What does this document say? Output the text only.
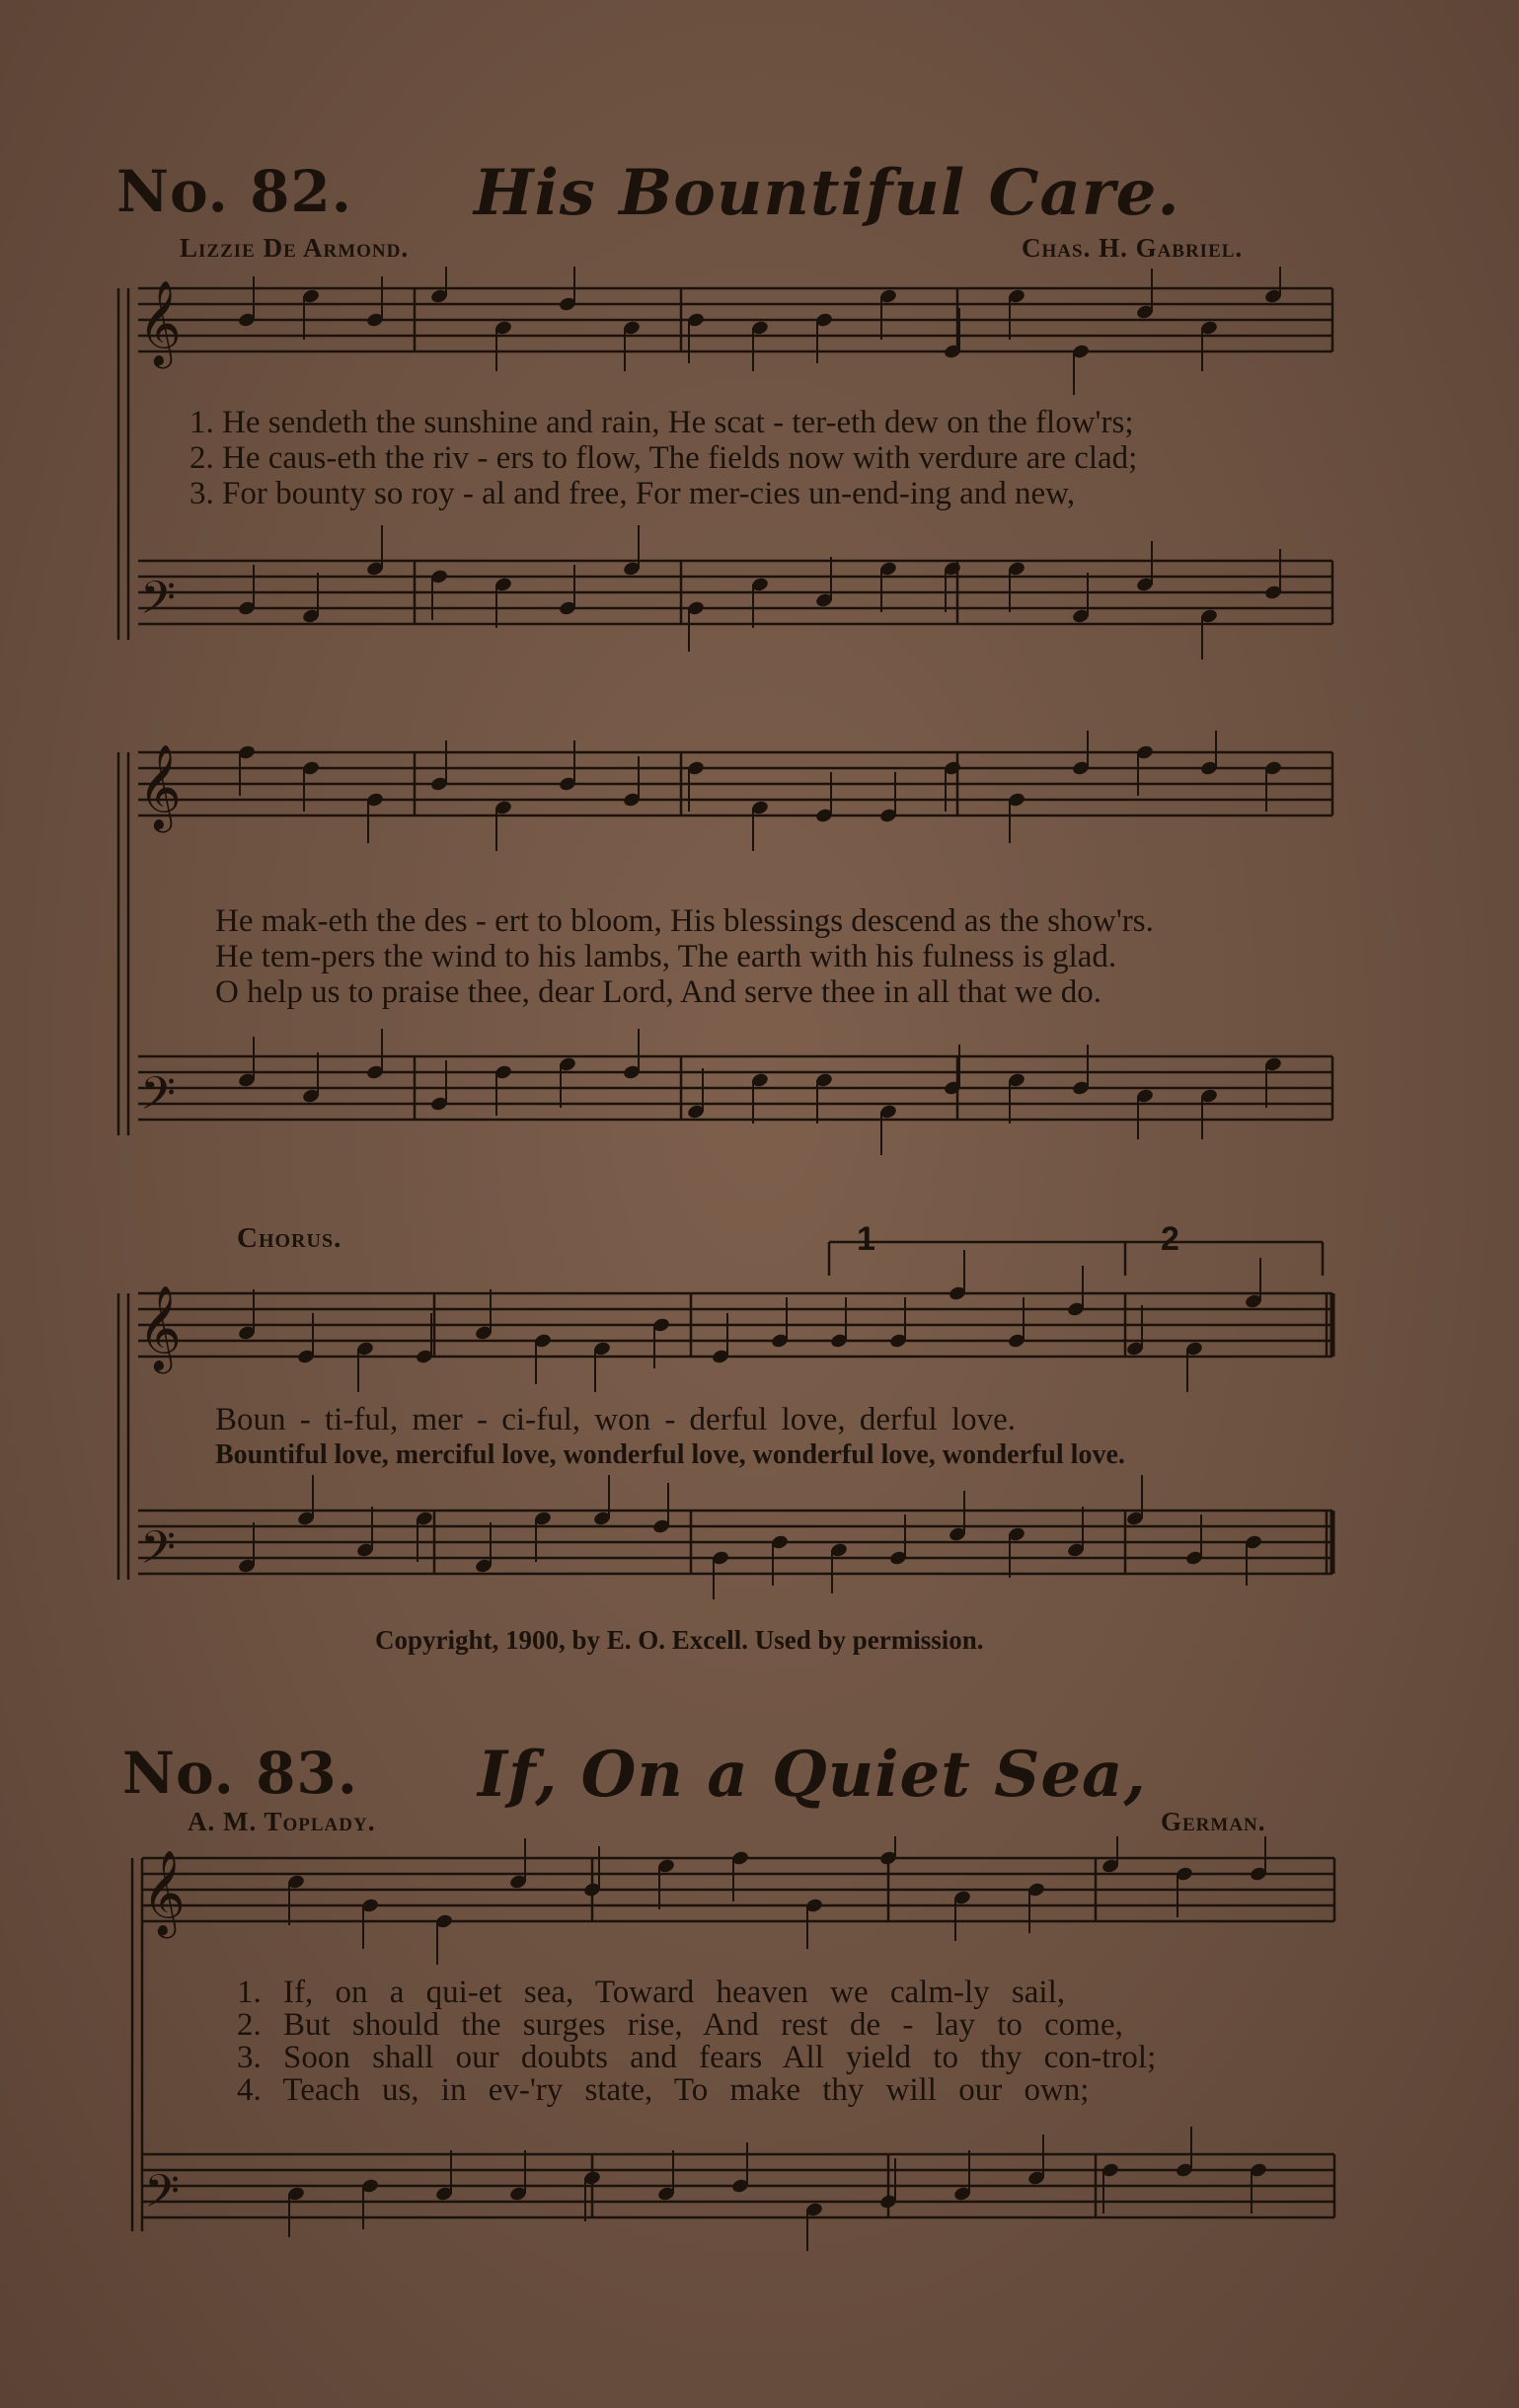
No. 82. His Bountiful Care.
Lizzie De Armond.	Chas. H. Gabriel.
𝄞
𝄢
1. He sendeth the sunshine and rain, He scat - ter-eth dew on the flow'rs;
2. He caus-eth the riv - ers to flow, The fields now with verdure are clad;
3. For bounty so roy - al and free, For mer-cies un-end-ing and new,
𝄞
𝄢
He mak-eth the des - ert to bloom, His blessings descend as the show'rs.
He tem-pers the wind to his lambs, The earth with his fulness is glad.
O help us to praise thee, dear Lord, And serve thee in all that we do.
Chorus.
𝄞
𝄢
1	2
Boun - ti-ful, mer - ci-ful, won - derful love, derful love.
Bountiful love, merciful love, wonderful love, wonderful love, wonderful love.
Copyright, 1900, by E. O. Excell. Used by permission.
No. 83. If, On a Quiet Sea,
A. M. Toplady.	German.
𝄞
𝄢
1. If, on a qui-et sea, Toward heaven we calm-ly sail,
2. But should the surges rise, And rest de - lay to come,
3. Soon shall our doubts and fears All yield to thy con-trol;
4. Teach us, in ev-'ry state, To make thy will our own;
